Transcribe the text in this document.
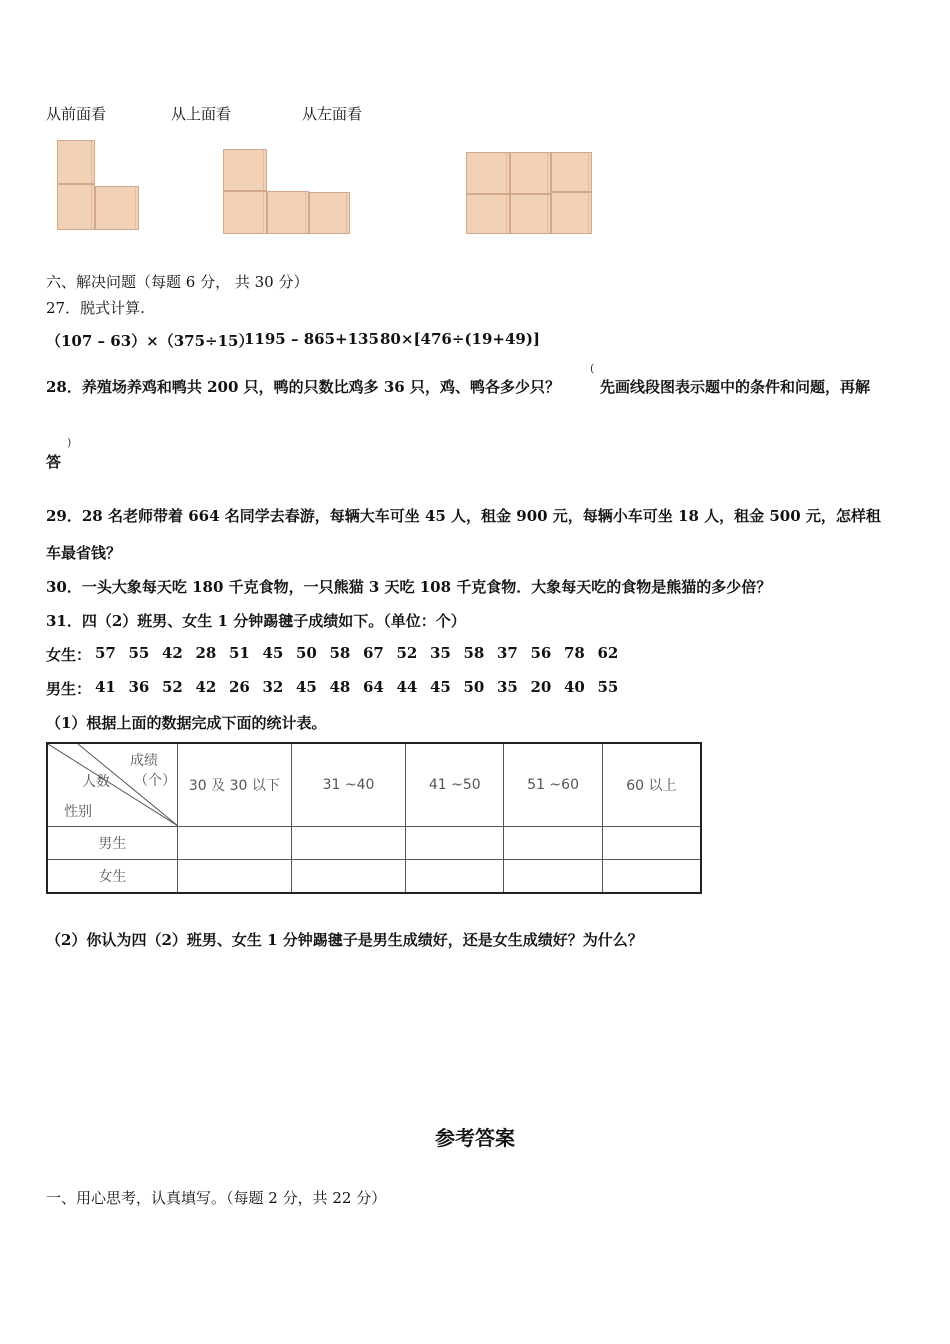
从前面看	从上面看	从左面看
六、解决问题（每题 6 分， 共 30 分）
27．脱式计算.
（107 – 63）×（375÷15）
1195 – 865+135 80×[476÷(19+49)]
28．养殖场养鸡和鸭共 200 只，鸭的只数比鸡多 36 只，鸡、鸭各多少只？
(
先画线段图表示题中的条件和问题，再解
答
)
29．28 名老师带着 664 名同学去春游，每辆大车可坐 45 人，租金 900 元，每辆小车可坐 18 人，租金 500 元，怎样租
车最省钱？
30．一头大象每天吃 180 千克食物，一只熊猫 3 天吃 108 千克食物．大象每天吃的食物是熊猫的多少倍？
31．四（2）班男、女生 1 分钟踢毽子成绩如下。（单位：个）
女生： 57 55 42 28 51 45 50 58 67 52 35 58 37 56 78 62
男生： 41 36 52 42 26 32 45 48 64 44 45 50 35 20 40 55
（1）根据上面的数据完成下面的统计表。
成绩
（个）
人数
性别	30 及 30 以下	31 ~40	41 ~50	51 ~60	60 以上
男生					
女生					
（2）你认为四（2）班男、女生 1 分钟踢毽子是男生成绩好，还是女生成绩好？为什么？
参考答案
一、用心思考，认真填写。（每题 2 分，共 22 分）
